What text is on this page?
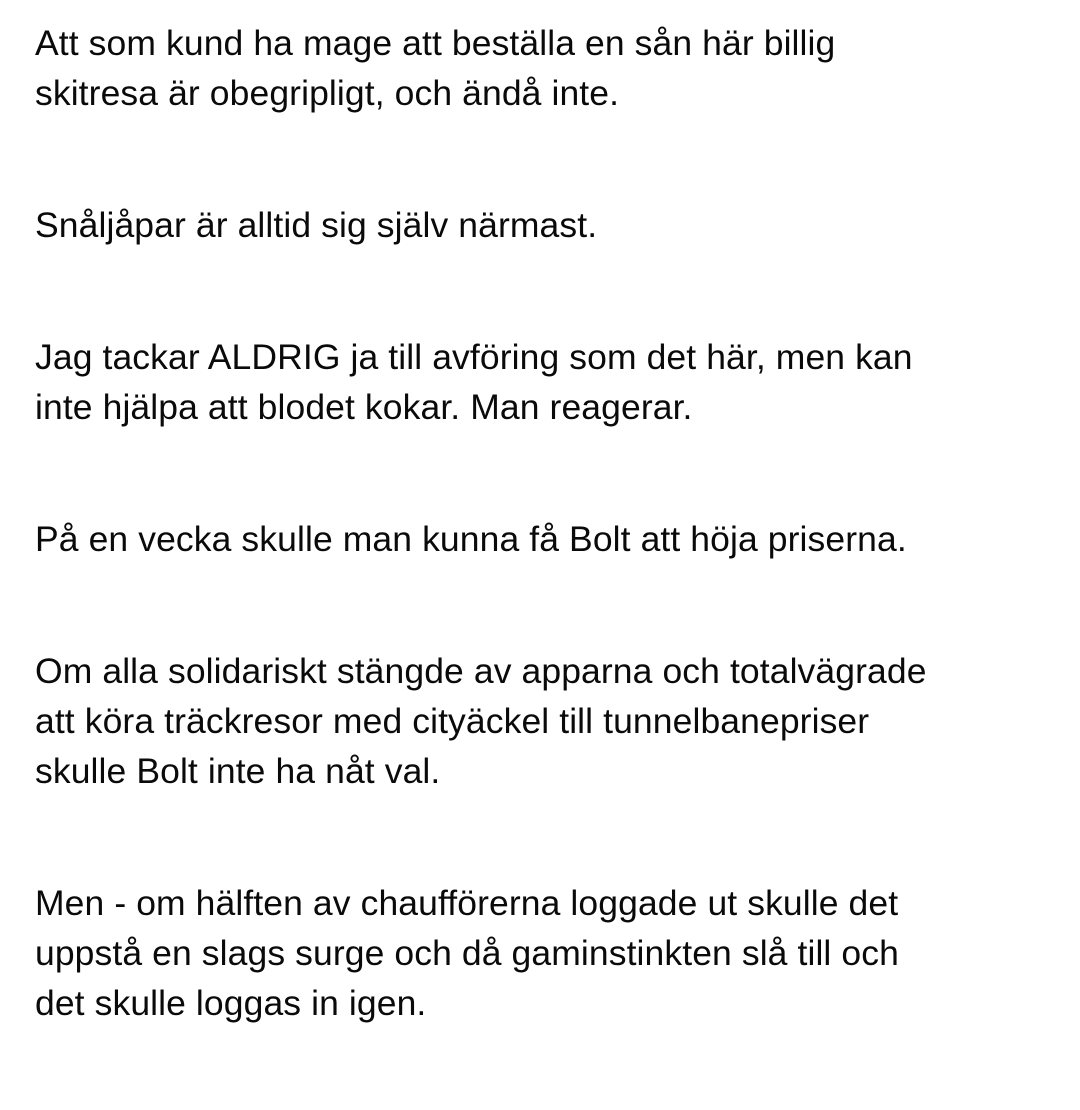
Att som kund ha mage att beställa en sån här billig
skitresa är obegripligt, och ändå inte.

Snåljåpar är alltid sig själv närmast.

Jag tackar ALDRIG ja till avföring som det här, men kan
inte hjälpa att blodet kokar. Man reagerar.

På en vecka skulle man kunna få Bolt att höja priserna.

Om alla solidariskt stängde av apparna och totalvägrade
att köra träckresor med cityäckel till tunnelbanepriser
skulle Bolt inte ha nåt val.

Men - om hälften av chaufförerna loggade ut skulle det
uppstå en slags surge och då gaminstinkten slå till och
det skulle loggas in igen.
